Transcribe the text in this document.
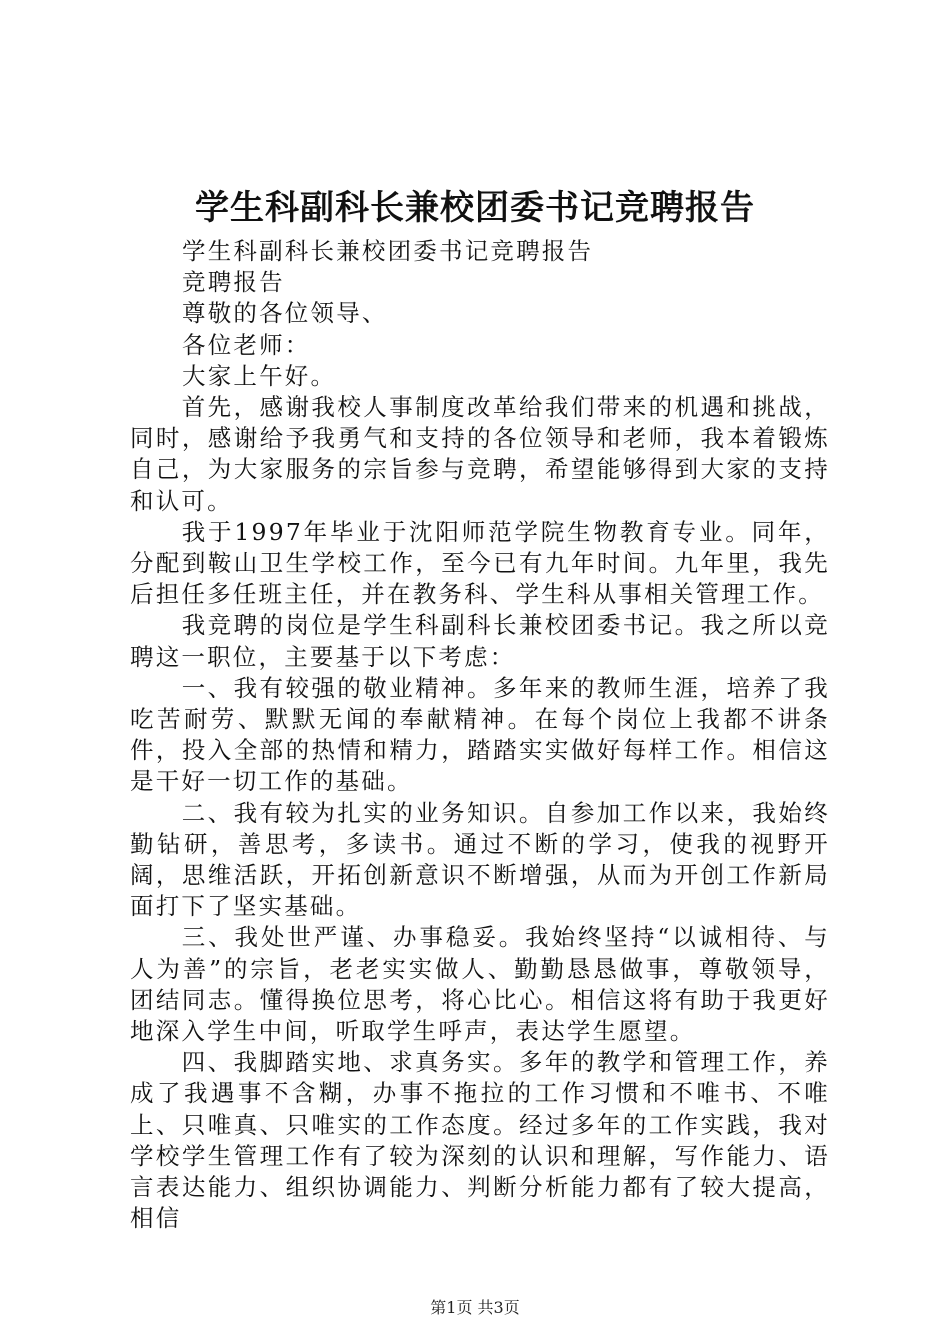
学生科副科长兼校团委书记竞聘报告

学生科副科长兼校团委书记竞聘报告

竞聘报告

尊敬的各位领导、

各位老师：

大家上午好。

首先，感谢我校人事制度改革给我们带来的机遇和挑战，同时，感谢给予我勇气和支持的各位领导和老师，我本着锻炼自己，为大家服务的宗旨参与竞聘，希望能够得到大家的支持和认可。

我于1997年毕业于沈阳师范学院生物教育专业。同年，分配到鞍山卫生学校工作，至今已有九年时间。九年里，我先后担任多任班主任，并在教务科、学生科从事相关管理工作。

我竞聘的岗位是学生科副科长兼校团委书记。我之所以竞聘这一职位，主要基于以下考虑：

一、我有较强的敬业精神。多年来的教师生涯，培养了我吃苦耐劳、默默无闻的奉献精神。在每个岗位上我都不讲条件，投入全部的热情和精力，踏踏实实做好每样工作。相信这是干好一切工作的基础。

二、我有较为扎实的业务知识。自参加工作以来，我始终勤钻研，善思考，多读书。通过不断的学习，使我的视野开阔，思维活跃，开拓创新意识不断增强，从而为开创工作新局面打下了坚实基础。

三、我处世严谨、办事稳妥。我始终坚持“以诚相待、与人为善”的宗旨，老老实实做人、勤勤恳恳做事，尊敬领导，团结同志。懂得换位思考，将心比心。相信这将有助于我更好地深入学生中间，听取学生呼声，表达学生愿望。

四、我脚踏实地、求真务实。多年的教学和管理工作，养成了我遇事不含糊，办事不拖拉的工作习惯和不唯书、不唯上、只唯真、只唯实的工作态度。经过多年的工作实践，我对学校学生管理工作有了较为深刻的认识和理解，写作能力、语言表达能力、组织协调能力、判断分析能力都有了较大提高，相信

第1页 共3页
